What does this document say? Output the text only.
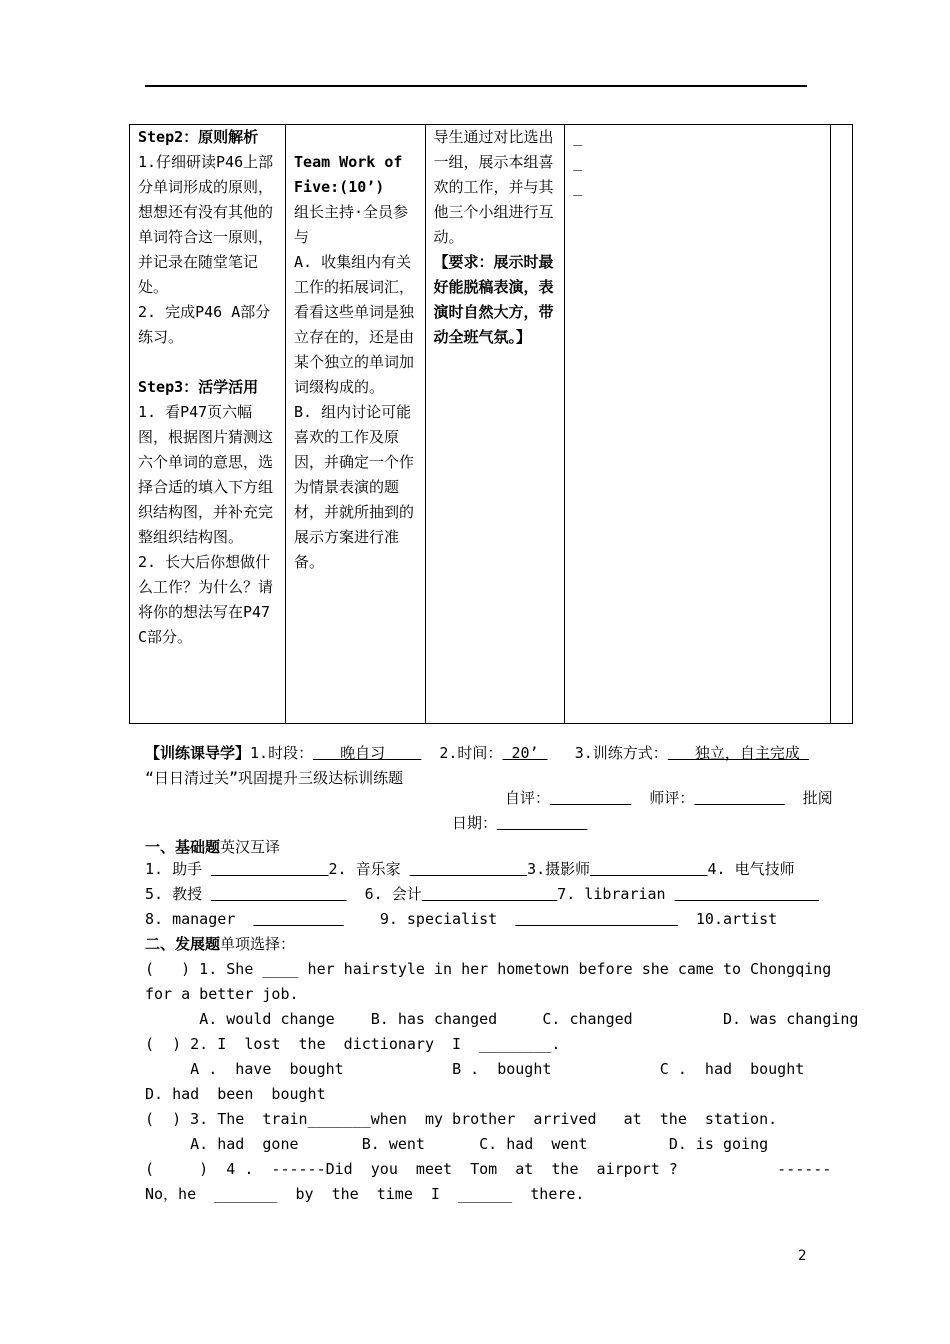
Step2：原则解析
1.仔细研读P46上部分单词形成的原则，想想还有没有其他的单词符合这一原则，并记录在随堂笔记处。
2. 完成P46 A部分练习。
Step3：活学活用
1. 看P47页六幅图，根据图片猜测这六个单词的意思，选择合适的填入下方组织结构图，并补充完整组织结构图。
2. 长大后你想做什么工作？为什么？请将你的想法写在P47 C部分。

Team Work of
Five:(10’)
组长主持·全员参与
A. 收集组内有关工作的拓展词汇，看看这些单词是独立存在的，还是由某个独立的单词加词缀构成的。
B. 组内讨论可能喜欢的工作及原因，并确定一个作为情景表演的题材，并就所抽到的展示方案进行准备。

导生通过对比选出一组，展示本组喜欢的工作，并与其他三个小组进行互动。
【要求：展示时最好能脱稿表演，表演时自然大方，带动全班气氛。】

_
_
_

【训练课导学】1.时段： 晚自习	2.时间： 20’ 3.训练方式： 独立，自主完成
“日日清过关”巩固提升三级达标训练题
自评：	师评：	批阅
日期：
一、基础题英汉互译
1. 助手	2. 音乐家	3.摄影师	4. 电气技师
5. 教授	6. 会计	7. librarian
8. manager	9. specialist	10.artist
二、发展题单项选择：
(   ) 1. She ____ her hairstyle in her hometown before she came to Chongqing
for a better job.
A. would change B. has changed	C. changed	D. was changing
(  ) 2. I  lost  the  dictionary  I  ________.
A .  have  bought	B .  bought	C .  had  bought
D. had  been  bought
(  ) 3. The  train_______when  my brother  arrived   at  the  station.
A. had  gone	B. went	C. had  went	D. is going
(     )  4 .  ------Did  you  meet  Tom  at  the  airport ?           ------
No，he  _______  by  the  time  I  ______  there.
2
